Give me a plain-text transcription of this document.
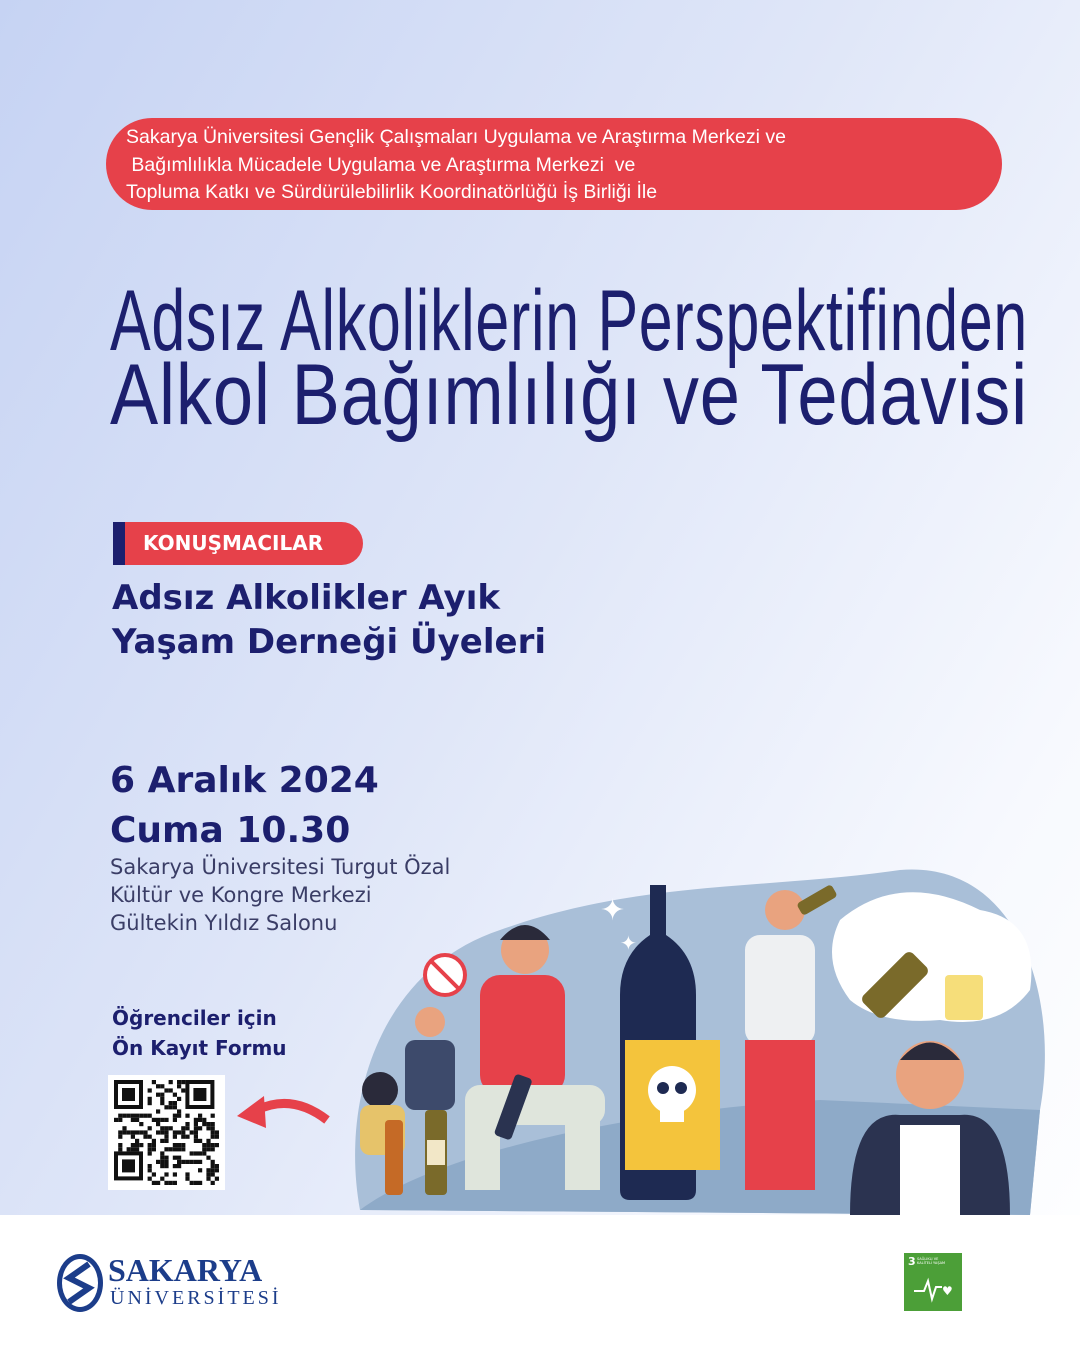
Sakarya Üniversitesi Gençlik Çalışmaları Uygulama ve Araştırma Merkezi ve
Bağımlılıkla Mücadele Uygulama ve Araştırma Merkezi  ve
Topluma Katkı ve Sürdürülebilirlik Koordinatörlüğü İş Birliği İle
Adsız Alkoliklerin Perspektifinden
Alkol Bağımlılığı ve Tedavisi
KONUŞMACILAR
Adsız Alkolikler Ayık
Yaşam Derneği Üyeleri
6 Aralık 2024
Cuma 10.30
Sakarya Üniversitesi Turgut Özal
Kültür ve Kongre Merkezi
Gültekin Yıldız Salonu	✦
✦
Öğrenciler için
Ön Kayıt Formu
SAKARYA
ÜNİVERSİTESİ
3 SAĞLIKLI VE KALİTELİ YAŞAM
♥
